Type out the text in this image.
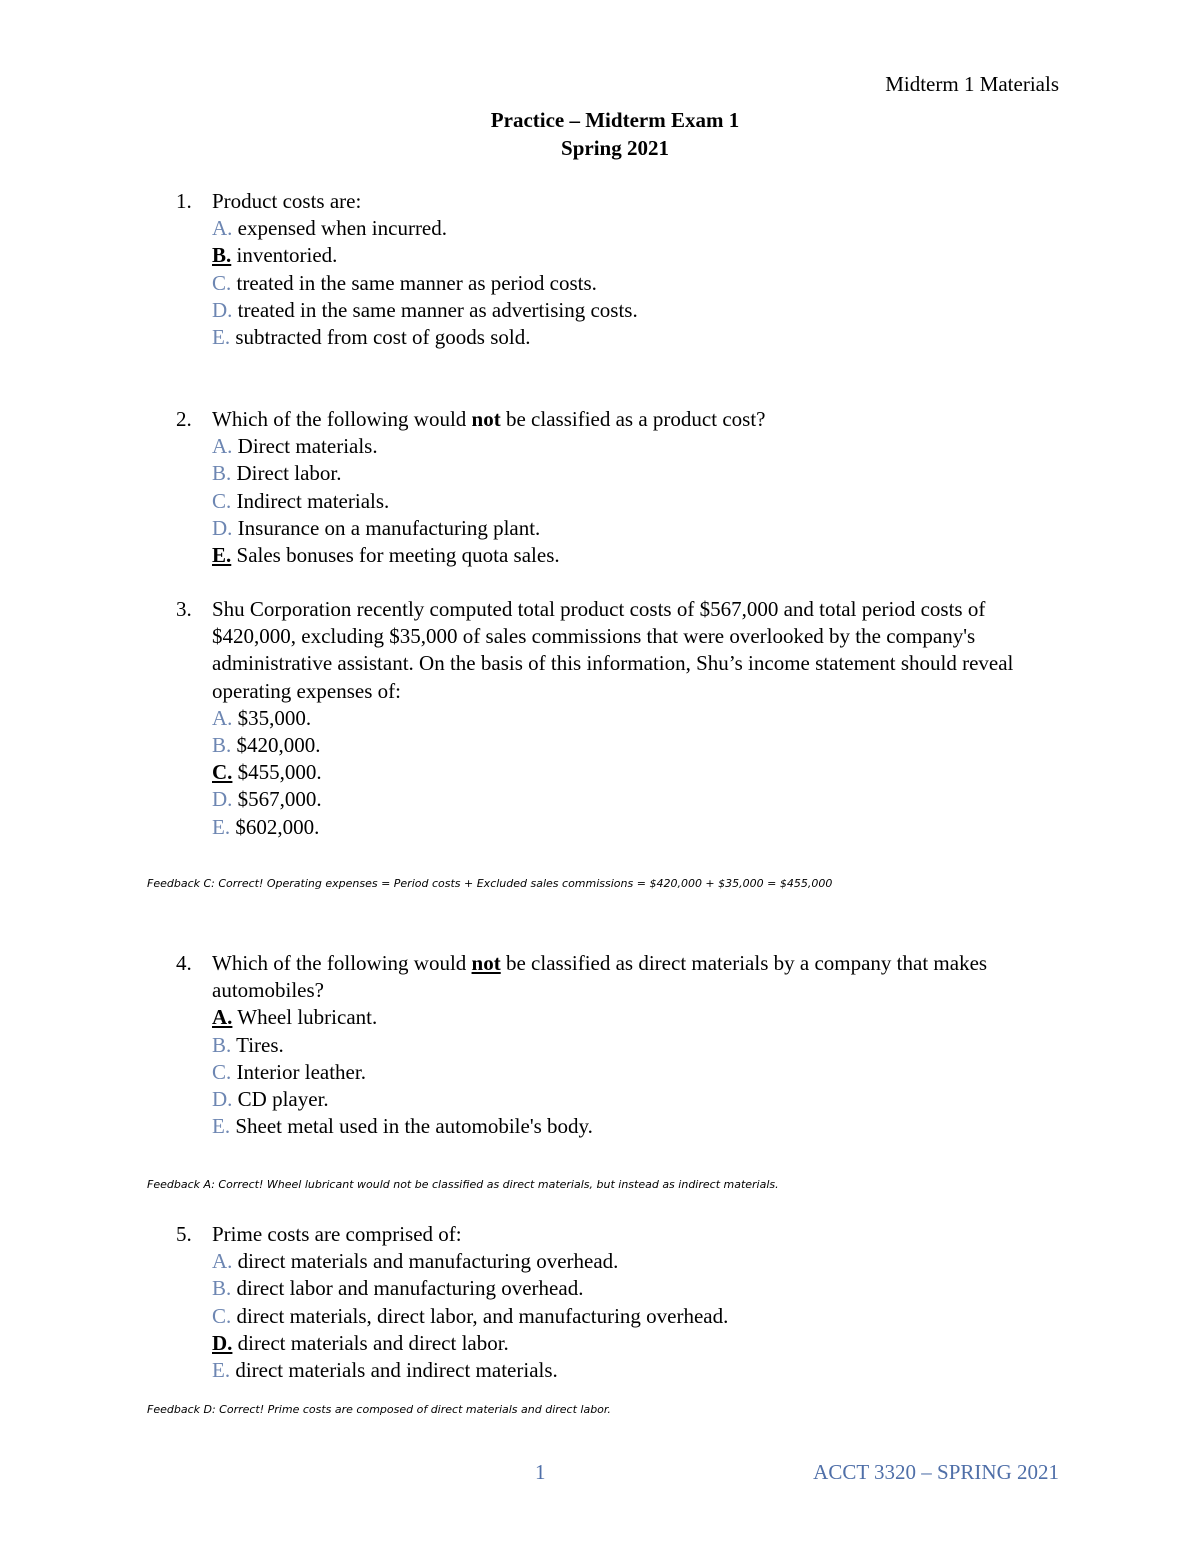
Midterm 1 Materials
Practice – Midterm Exam 1
Spring 2021
1. Product costs are:
A. expensed when incurred.
B. inventoried.
C. treated in the same manner as period costs.
D. treated in the same manner as advertising costs.
E. subtracted from cost of goods sold.
2. Which of the following would not be classified as a product cost?
A. Direct materials.
B. Direct labor.
C. Indirect materials.
D. Insurance on a manufacturing plant.
E. Sales bonuses for meeting quota sales.
3. Shu Corporation recently computed total product costs of $567,000 and total period costs of $420,000, excluding $35,000 of sales commissions that were overlooked by the company's administrative assistant. On the basis of this information, Shu’s income statement should reveal operating expenses of:
A. $35,000.
B. $420,000.
C. $455,000.
D. $567,000.
E. $602,000.
Feedback C: Correct! Operating expenses = Period costs + Excluded sales commissions = $420,000 + $35,000 = $455,000
4. Which of the following would not be classified as direct materials by a company that makes automobiles?
A. Wheel lubricant.
B. Tires.
C. Interior leather.
D. CD player.
E. Sheet metal used in the automobile's body.
Feedback A: Correct! Wheel lubricant would not be classified as direct materials, but instead as indirect materials.
5. Prime costs are comprised of:
A. direct materials and manufacturing overhead.
B. direct labor and manufacturing overhead.
C. direct materials, direct labor, and manufacturing overhead.
D. direct materials and direct labor.
E. direct materials and indirect materials.
Feedback D: Correct! Prime costs are composed of direct materials and direct labor.
1	ACCT 3320 – SPRING 2021
